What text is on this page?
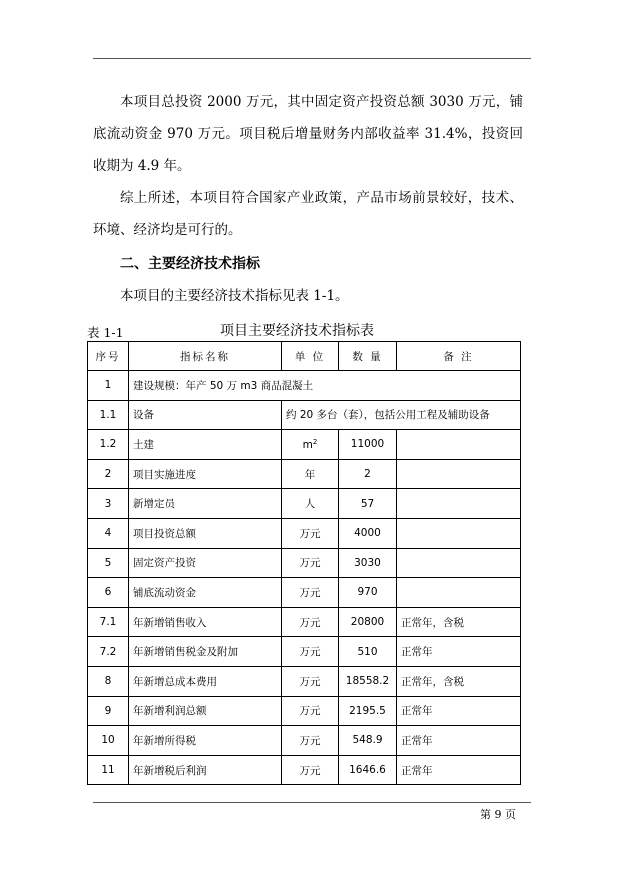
本项目总投资 2000 万元，其中固定资产投资总额 3030 万元，铺底流动资金 970 万元。项目税后增量财务内部收益率 31.4%，投资回收期为 4.9 年。

综上所述，本项目符合国家产业政策，产品市场前景较好，技术、环境、经济均是可行的。

二、主要经济技术指标

本项目的主要经济技术指标见表 1-1。

表 1-1	项目主要经济技术指标表
序号	指标名称	单 位	数 量	备 注
1	建设规模：年产 50 万 m3 商品混凝土			
1.1	设备	约 20 多台（套），包括公用工程及辅助设备		
1.2	土建	$m^2$	11000	
2	项目实施进度	年	2	
3	新增定员	人	57	
4	项目投资总额	万元	4000	
5	固定资产投资	万元	3030	
6	铺底流动资金	万元	970	
7.1	年新增销售收入	万元	20800	正常年，含税
7.2	年新增销售税金及附加	万元	510	正常年
8	年新增总成本费用	万元	18558.2	正常年，含税
9	年新增利润总额	万元	2195.5	正常年
10	年新增所得税	万元	548.9	正常年
11	年新增税后利润	万元	1646.6	正常年
第 9 页
